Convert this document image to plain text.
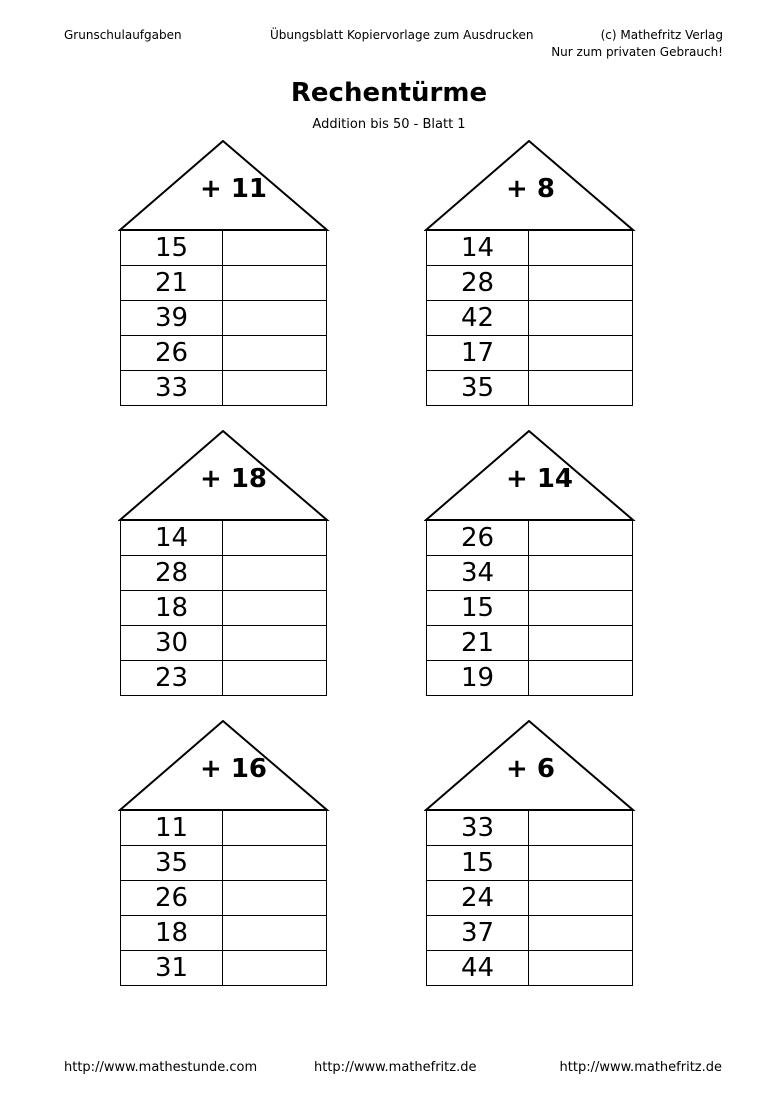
Grunschulaufgaben	Übungsblatt Kopiervorlage zum Ausdrucken	(c) Mathefritz Verlag
Nur zum privaten Gebrauch!
Rechentürme
Addition bis 50 - Blatt 1
+ 11
15	
21	
39	
26	
33	
+ 8
14	
28	
42	
17	
35	
+ 18
14	
28	
18	
30	
23	
+ 14
26	
34	
15	
21	
19	
+ 16
11	
35	
26	
18	
31	
+ 6
33	
15	
24	
37	
44	
http://www.mathestunde.com	http://www.mathefritz.de	http://www.mathefritz.de
